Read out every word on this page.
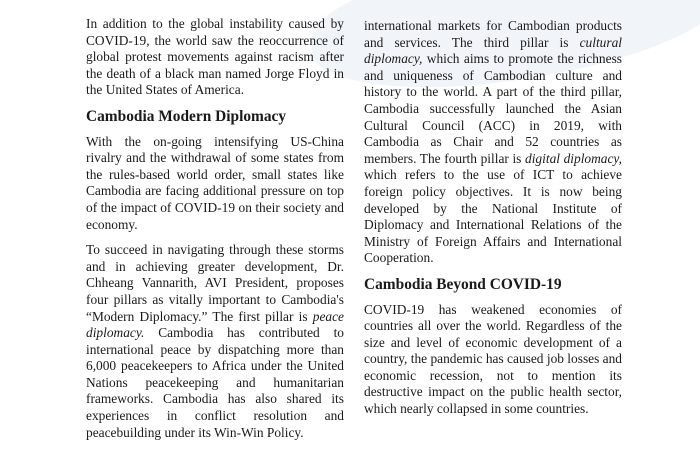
In addition to the global instability caused by COVID-19, the world saw the reoccurrence of global protest movements against racism after the death of a black man named Jorge Floyd in the United States of America.

Cambodia Modern Diplomacy

With the on-going intensifying US-China rivalry and the withdrawal of some states from the rules-based world order, small states like Cambodia are facing additional pressure on top of the impact of COVID-19 on their society and economy.

To succeed in navigating through these storms and in achieving greater development, Dr. Chheang Vannarith, AVI President, proposes four pillars as vitally important to Cambodia's “Modern Diplomacy.” The first pillar is peace diplomacy. Cambodia has contributed to international peace by dispatching more than 6,000 peacekeepers to Africa under the United Nations peacekeeping and humanitarian frameworks. Cambodia has also shared its experiences in conflict resolution and peacebuilding under its Win-Win Policy.

international markets for Cambodian products and services. The third pillar is cultural diplomacy, which aims to promote the richness and uniqueness of Cambodian culture and history to the world. A part of the third pillar, Cambodia successfully launched the Asian Cultural Council (ACC) in 2019, with Cambodia as Chair and 52 countries as members. The fourth pillar is digital diplomacy, which refers to the use of ICT to achieve foreign policy objectives. It is now being developed by the National Institute of Diplomacy and International Relations of the Ministry of Foreign Affairs and International Cooperation.

Cambodia Beyond COVID-19

COVID-19 has weakened economies of countries all over the world. Regardless of the size and level of economic development of a country, the pandemic has caused job losses and economic recession, not to mention its destructive impact on the public health sector, which nearly collapsed in some countries.
